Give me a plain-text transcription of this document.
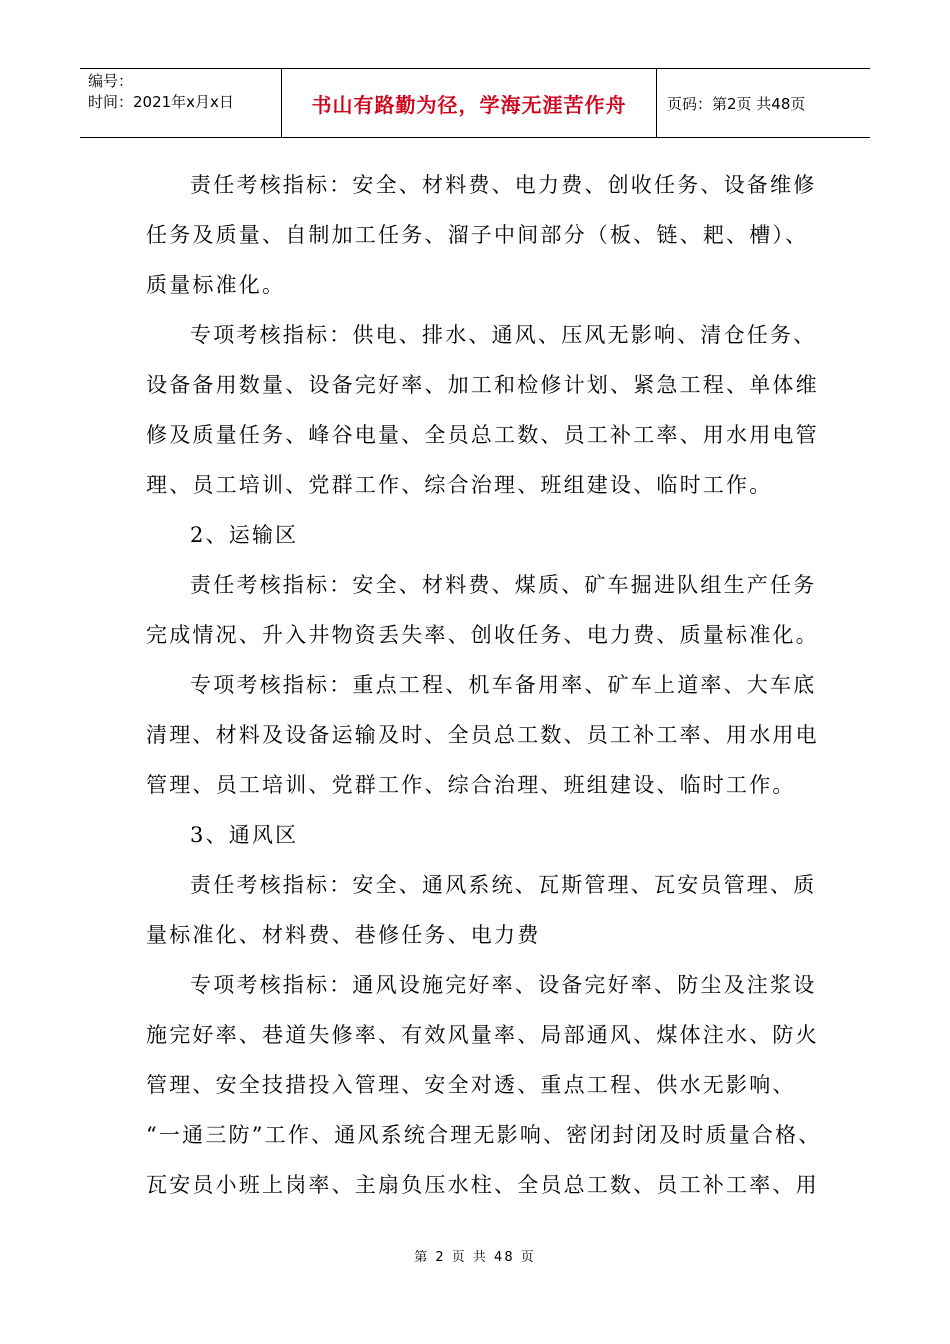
编号：
时间：2021年x月x日	书山有路勤为径，学海无涯苦作舟	页码：第2页 共48页

责任考核指标：安全、材料费、电力费、创收任务、设备维修

任务及质量、自制加工任务、溜子中间部分（板、链、耙、槽）、

质量标准化。

专项考核指标：供电、排水、通风、压风无影响、清仓任务、

设备备用数量、设备完好率、加工和检修计划、紧急工程、单体维

修及质量任务、峰谷电量、全员总工数、员工补工率、用水用电管

理、员工培训、党群工作、综合治理、班组建设、临时工作。

2、运输区

责任考核指标：安全、材料费、煤质、矿车掘进队组生产任务

完成情况、升入井物资丢失率、创收任务、电力费、质量标准化。

专项考核指标：重点工程、机车备用率、矿车上道率、大车底

清理、材料及设备运输及时、全员总工数、员工补工率、用水用电

管理、员工培训、党群工作、综合治理、班组建设、临时工作。

3、通风区

责任考核指标：安全、通风系统、瓦斯管理、瓦安员管理、质

量标准化、材料费、巷修任务、电力费

专项考核指标：通风设施完好率、设备完好率、防尘及注浆设

施完好率、巷道失修率、有效风量率、局部通风、煤体注水、防火

管理、安全技措投入管理、安全对透、重点工程、供水无影响、

“一通三防”工作、通风系统合理无影响、密闭封闭及时质量合格、

瓦安员小班上岗率、主扇负压水柱、全员总工数、员工补工率、用

第 2 页 共 48 页
